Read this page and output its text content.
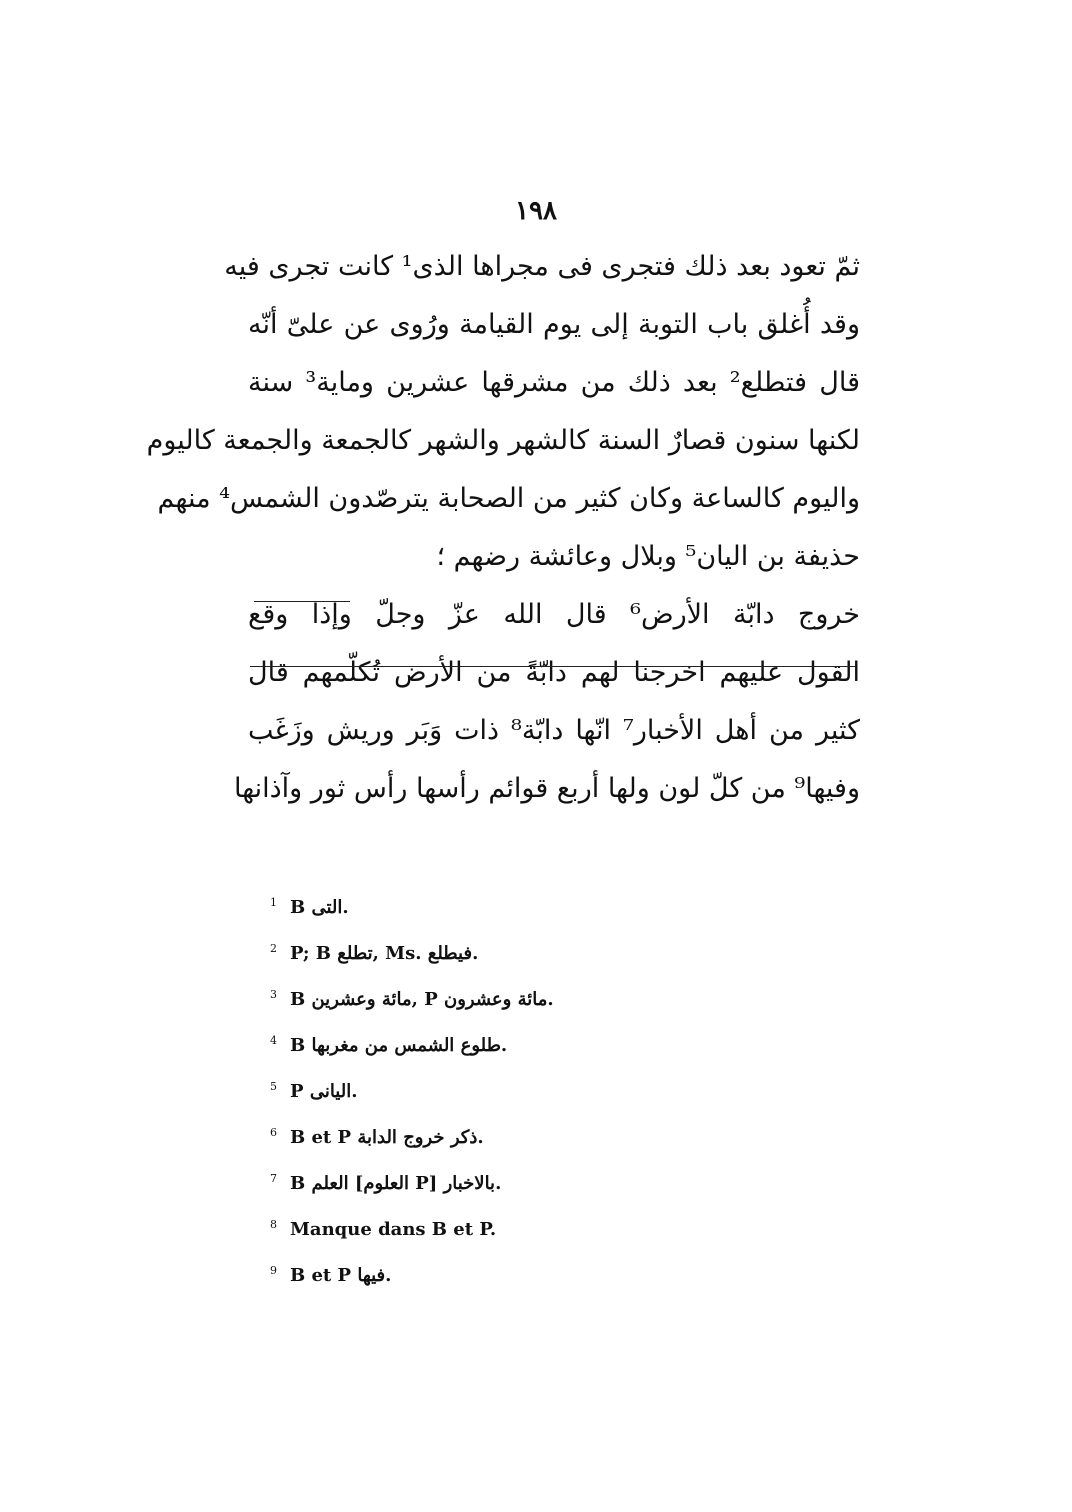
١٩٨
ثمّ تعود بعد ذلك فتجرى فى مجراها الذى¹ كانت تجرى فيه
وقد أُغلق باب التوبة إلى يوم القيامة ورُوى عن علىّ أنّه
قال فتطلع² بعد ذلك من مشرقها عشرين وماية³ سنة
لكنها سنون قصارٌ السنة كالشهر والشهر كالجمعة والجمعة كاليوم
واليوم كالساعة وكان كثير من الصحابة يترصّدون الشمس⁴ منهم
حذيفة بن اليان⁵ وبلال وعائشة رضهم ؛
خروج دابّة الأرض⁶ قال الله عزّ وجلّ وإذا وقع
القول عليهم اخرجنا لهم دابّةً من الأرض تُكلّمهم قال
كثير من أهل الأخبار⁷ انّها دابّة⁸ ذات وَبَر وريش وزَغَب
وفيها⁹ من كلّ لون ولها أربع قوائم رأسها رأس ثور وآذانها
1 B التى.
2 P; B تطلع, Ms. فيطلع.
3 B مائة وعشرين, P مائة وعشرون.
4 B طلوع الشمس من مغربها.
5 P اليانى.
6 B et P ذكر خروج الدابة.
7 B العلم [العلوم P] بالاخبار.
8 Manque dans B et P.
9 B et P فيها.
